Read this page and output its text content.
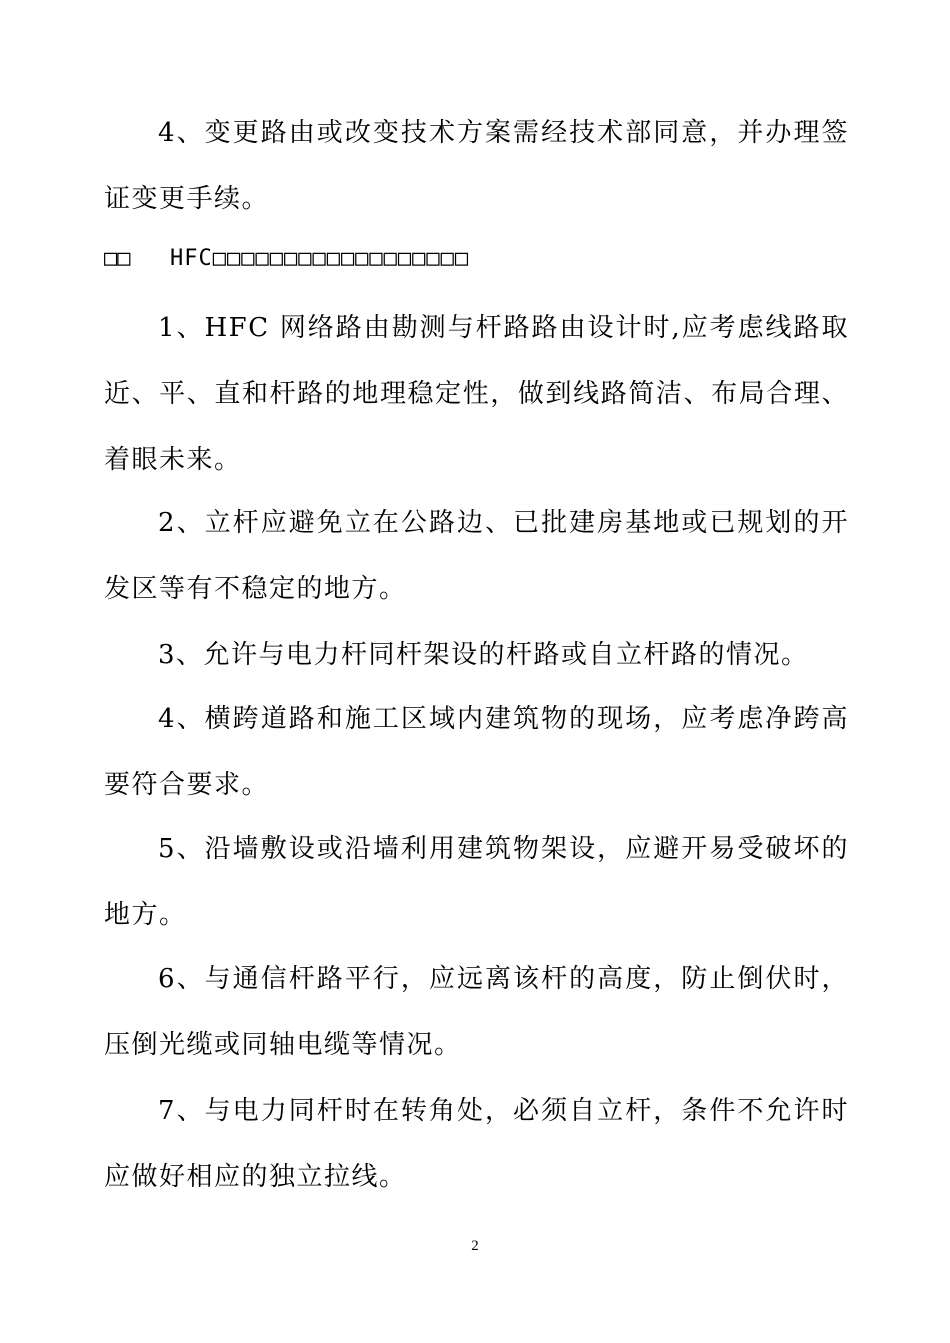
4、变更路由或改变技术方案需经技术部同意，并办理签证变更手续。

□□	HFC□□□□□□□□□□□□□□□□□□

1、HFC 网络路由勘测与杆路路由设计时,应考虑线路取近、平、直和杆路的地理稳定性，做到线路简洁、布局合理、着眼未来。

2、立杆应避免立在公路边、已批建房基地或已规划的开发区等有不稳定的地方。

3、允许与电力杆同杆架设的杆路或自立杆路的情况。

4、横跨道路和施工区域内建筑物的现场，应考虑净跨高要符合要求。

5、沿墙敷设或沿墙利用建筑物架设，应避开易受破坏的地方。

6、与通信杆路平行，应远离该杆的高度，防止倒伏时，压倒光缆或同轴电缆等情况。

7、与电力同杆时在转角处，必须自立杆，条件不允许时应做好相应的独立拉线。

2
